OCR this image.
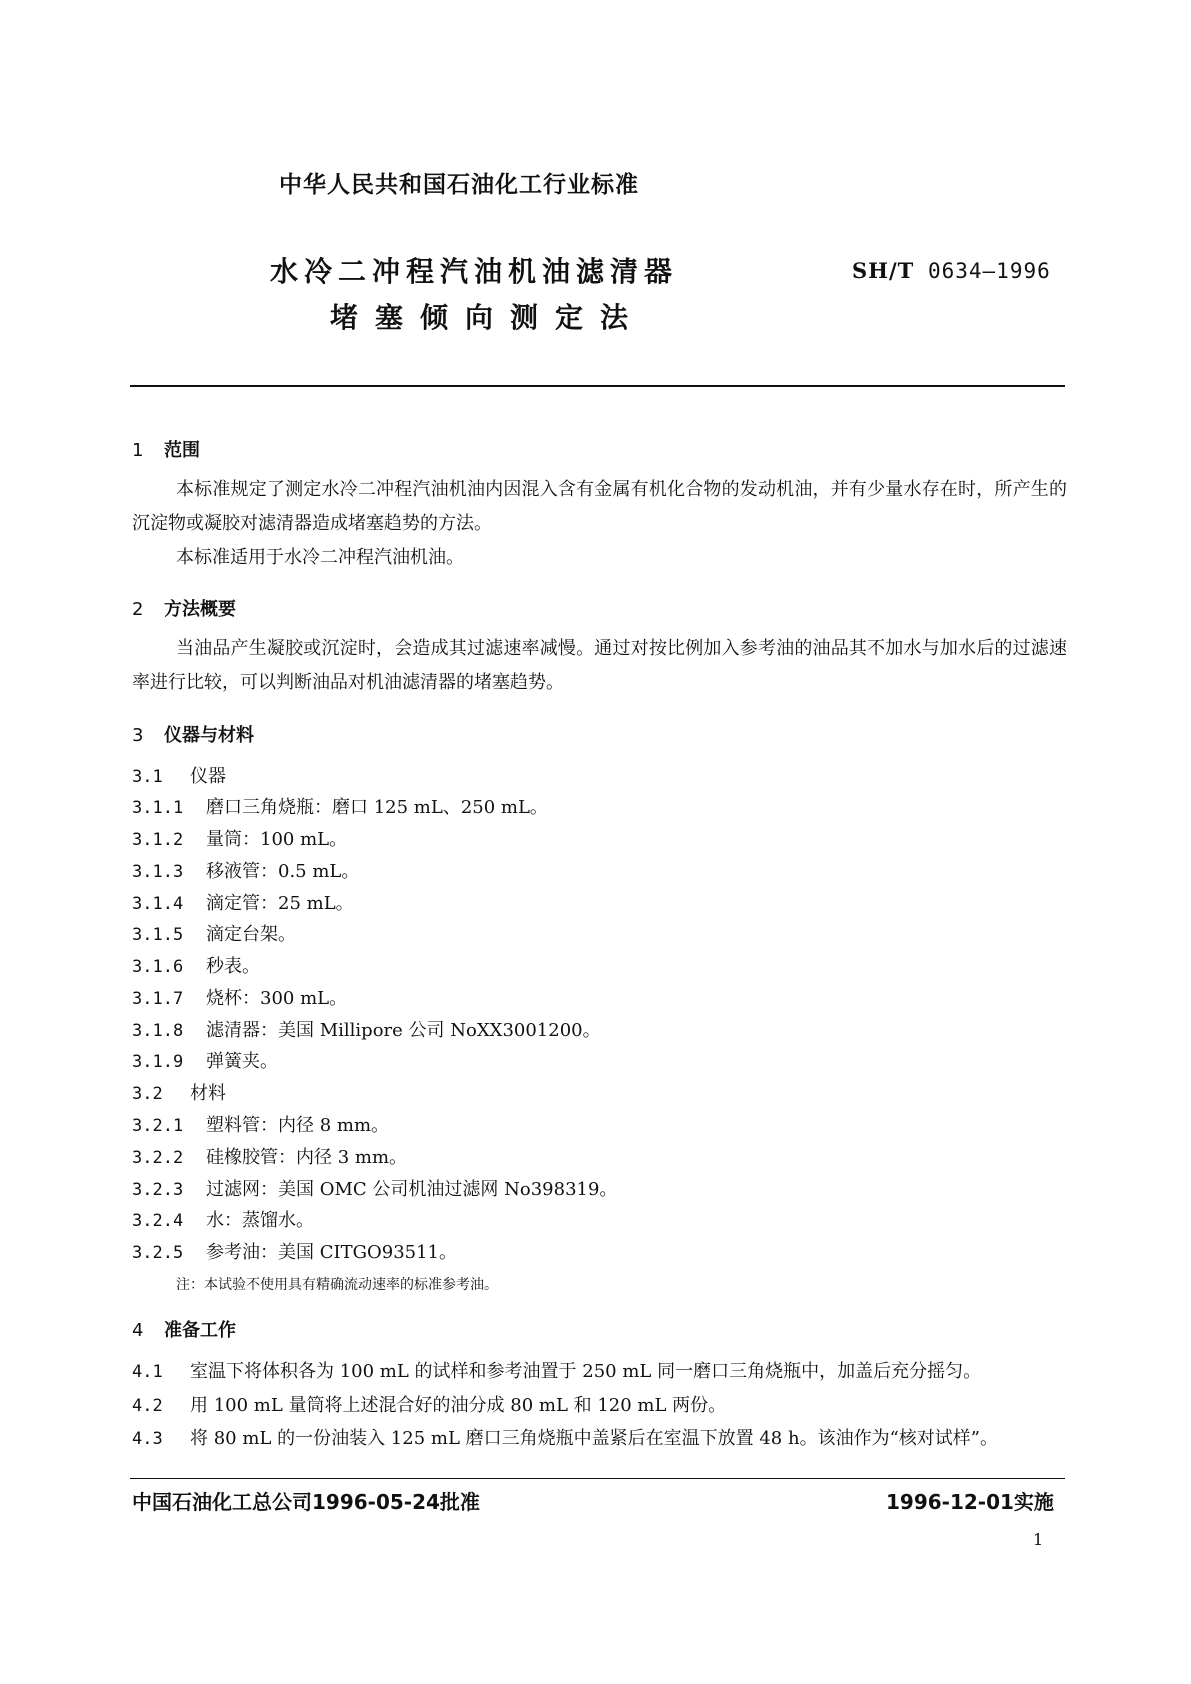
中华人民共和国石油化工行业标准
水冷二冲程汽油机油滤清器
堵塞倾向测定法
SH/T 0634—1996
1 范围
本标准规定了测定水冷二冲程汽油机油内因混入含有金属有机化合物的发动机油，并有少量水存在时，所产生的沉淀物或凝胶对滤清器造成堵塞趋势的方法。
本标准适用于水冷二冲程汽油机油。
2 方法概要
当油品产生凝胶或沉淀时，会造成其过滤速率减慢。通过对按比例加入参考油的油品其不加水与加水后的过滤速率进行比较，可以判断油品对机油滤清器的堵塞趋势。
3 仪器与材料
3.1 仪器
3.1.1 磨口三角烧瓶：磨口 125 mL、250 mL。
3.1.2 量筒：100 mL。
3.1.3 移液管：0.5 mL。
3.1.4 滴定管：25 mL。
3.1.5 滴定台架。
3.1.6 秒表。
3.1.7 烧杯：300 mL。
3.1.8 滤清器：美国 Millipore 公司 NoXX3001200。
3.1.9 弹簧夹。
3.2 材料
3.2.1 塑料管：内径 8 mm。
3.2.2 硅橡胶管：内径 3 mm。
3.2.3 过滤网：美国 OMC 公司机油过滤网 No398319。
3.2.4 水：蒸馏水。
3.2.5 参考油：美国 CITGO93511。
注：本试验不使用具有精确流动速率的标准参考油。
4 准备工作
4.1 室温下将体积各为 100 mL 的试样和参考油置于 250 mL 同一磨口三角烧瓶中，加盖后充分摇匀。
4.2 用 100 mL 量筒将上述混合好的油分成 80 mL 和 120 mL 两份。
4.3 将 80 mL 的一份油装入 125 mL 磨口三角烧瓶中盖紧后在室温下放置 48 h。该油作为“核对试样”。
中国石油化工总公司1996-05-24批准	1996-12-01实施
1
